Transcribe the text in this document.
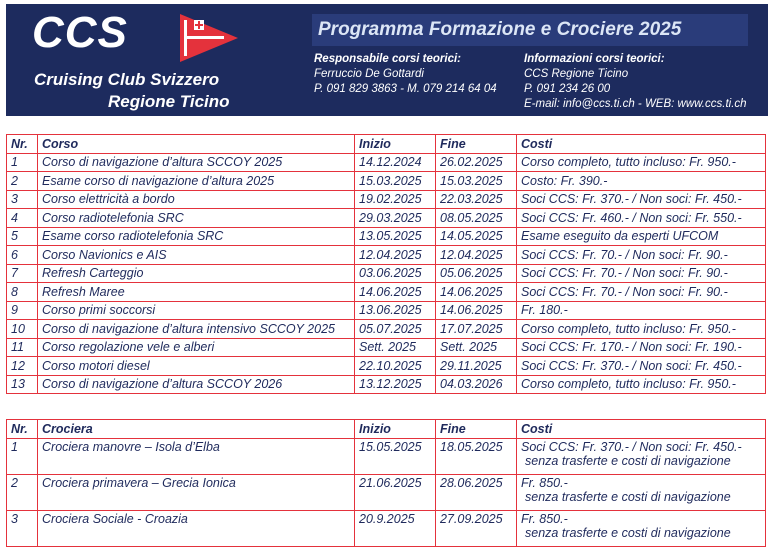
CCS
Cruising Club Svizzero
Regione Ticino
Programma Formazione e Crociere 2025
Responsabile corsi teorici:
Ferruccio De Gottardi
P. 091 829 3863 - M. 079 214 64 04
Informazioni corsi teorici:
CCS Regione Ticino
P. 091 234 26 00
E-mail: info@ccs.ti.ch - WEB: www.ccs.ti.ch
Nr.	Corso	Inizio	Fine	Costi
1	Corso di navigazione d’altura SCCOY 2025	14.12.2024	26.02.2025	Corso completo, tutto incluso: Fr. 950.-
2	Esame corso di navigazione d’altura 2025	15.03.2025	15.03.2025	Costo: Fr. 390.-
3	Corso elettricità a bordo	19.02.2025	22.03.2025	Soci CCS: Fr. 370.- / Non soci: Fr. 450.-
4	Corso radiotelefonia SRC	29.03.2025	08.05.2025	Soci CCS: Fr. 460.- / Non soci: Fr. 550.-
5	Esame corso radiotelefonia SRC	13.05.2025	14.05.2025	Esame eseguito da esperti UFCOM
6	Corso Navionics e AIS	12.04.2025	12.04.2025	Soci CCS: Fr. 70.- / Non soci: Fr. 90.-
7	Refresh Carteggio	03.06.2025	05.06.2025	Soci CCS: Fr. 70.- / Non soci: Fr. 90.-
8	Refresh Maree	14.06.2025	14.06.2025	Soci CCS: Fr. 70.- / Non soci: Fr. 90.-
9	Corso primi soccorsi	13.06.2025	14.06.2025	Fr. 180.-
10	Corso di navigazione d’altura intensivo SCCOY 2025	05.07.2025	17.07.2025	Corso completo, tutto incluso: Fr. 950.-
11	Corso regolazione vele e alberi	Sett. 2025	Sett. 2025	Soci CCS: Fr. 170.- / Non soci: Fr. 190.-
12	Corso motori diesel	22.10.2025	29.11.2025	Soci CCS: Fr. 370.- / Non soci: Fr. 450.-
13	Corso di navigazione d’altura SCCOY 2026	13.12.2025	04.03.2026	Corso completo, tutto incluso: Fr. 950.-
Nr.	Crociera	Inizio	Fine	Costi
1	Crociera manovre – Isola d’Elba	15.05.2025	18.05.2025	Soci CCS: Fr. 370.- / Non soci: Fr. 450.-
senza trasferte e costi di navigazione

2	Crociera primavera – Grecia Ionica	21.06.2025	28.06.2025	Fr. 850.-
senza trasferte e costi di navigazione

3	Crociera Sociale - Croazia	20.9.2025	27.09.2025	Fr. 850.-
senza trasferte e costi di navigazione
